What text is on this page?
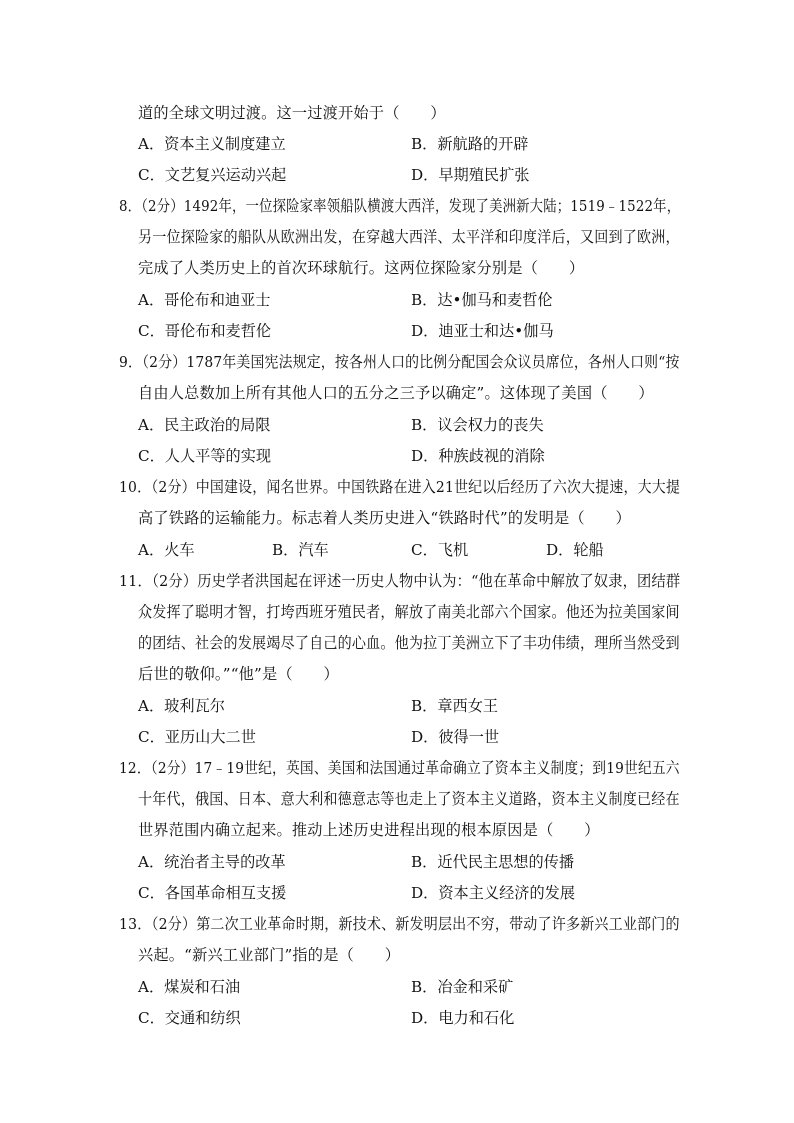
道的全球文明过渡。这一过渡开始于（　　）
A．资本主义制度建立	B．新航路的开辟
C．文艺复兴运动兴起	D．早期殖民扩张
8．（2分）1492年，一位探险家率领船队横渡大西洋，发现了美洲新大陆；1519﹣1522年，
另一位探险家的船队从欧洲出发，在穿越大西洋、太平洋和印度洋后，又回到了欧洲，
完成了人类历史上的首次环球航行。这两位探险家分别是（　　）
A．哥伦布和迪亚士	B．达•伽马和麦哲伦
C．哥伦布和麦哲伦	D．迪亚士和达•伽马
9．（2分）1787年美国宪法规定，按各州人口的比例分配国会众议员席位，各州人口则“按
自由人总数加上所有其他人口的五分之三予以确定”。这体现了美国（　　）
A．民主政治的局限	B．议会权力的丧失
C．人人平等的实现	D．种族歧视的消除
10．（2分）中国建设，闻名世界。中国铁路在进入21世纪以后经历了六次大提速，大大提
高了铁路的运输能力。标志着人类历史进入“铁路时代”的发明是（　　）
A．火车	B．汽车	C．飞机	D．轮船
11．（2分）历史学者洪国起在评述一历史人物中认为：“他在革命中解放了奴隶，团结群
众发挥了聪明才智，打垮西班牙殖民者，解放了南美北部六个国家。他还为拉美国家间
的团结、社会的发展竭尽了自己的心血。他为拉丁美洲立下了丰功伟绩，理所当然受到
后世的敬仰。”“他”是（　　）
A．玻利瓦尔	B．章西女王
C．亚历山大二世	D．彼得一世
12．（2分）17﹣19世纪，英国、美国和法国通过革命确立了资本主义制度；到19世纪五六
十年代，俄国、日本、意大利和德意志等也走上了资本主义道路，资本主义制度已经在
世界范围内确立起来。推动上述历史进程出现的根本原因是（　　）
A．统治者主导的改革	B．近代民主思想的传播
C．各国革命相互支援	D．资本主义经济的发展
13．（2分）第二次工业革命时期，新技术、新发明层出不穷，带动了许多新兴工业部门的
兴起。“新兴工业部门”指的是（　　）
A．煤炭和石油	B．冶金和采矿
C．交通和纺织	D．电力和石化
